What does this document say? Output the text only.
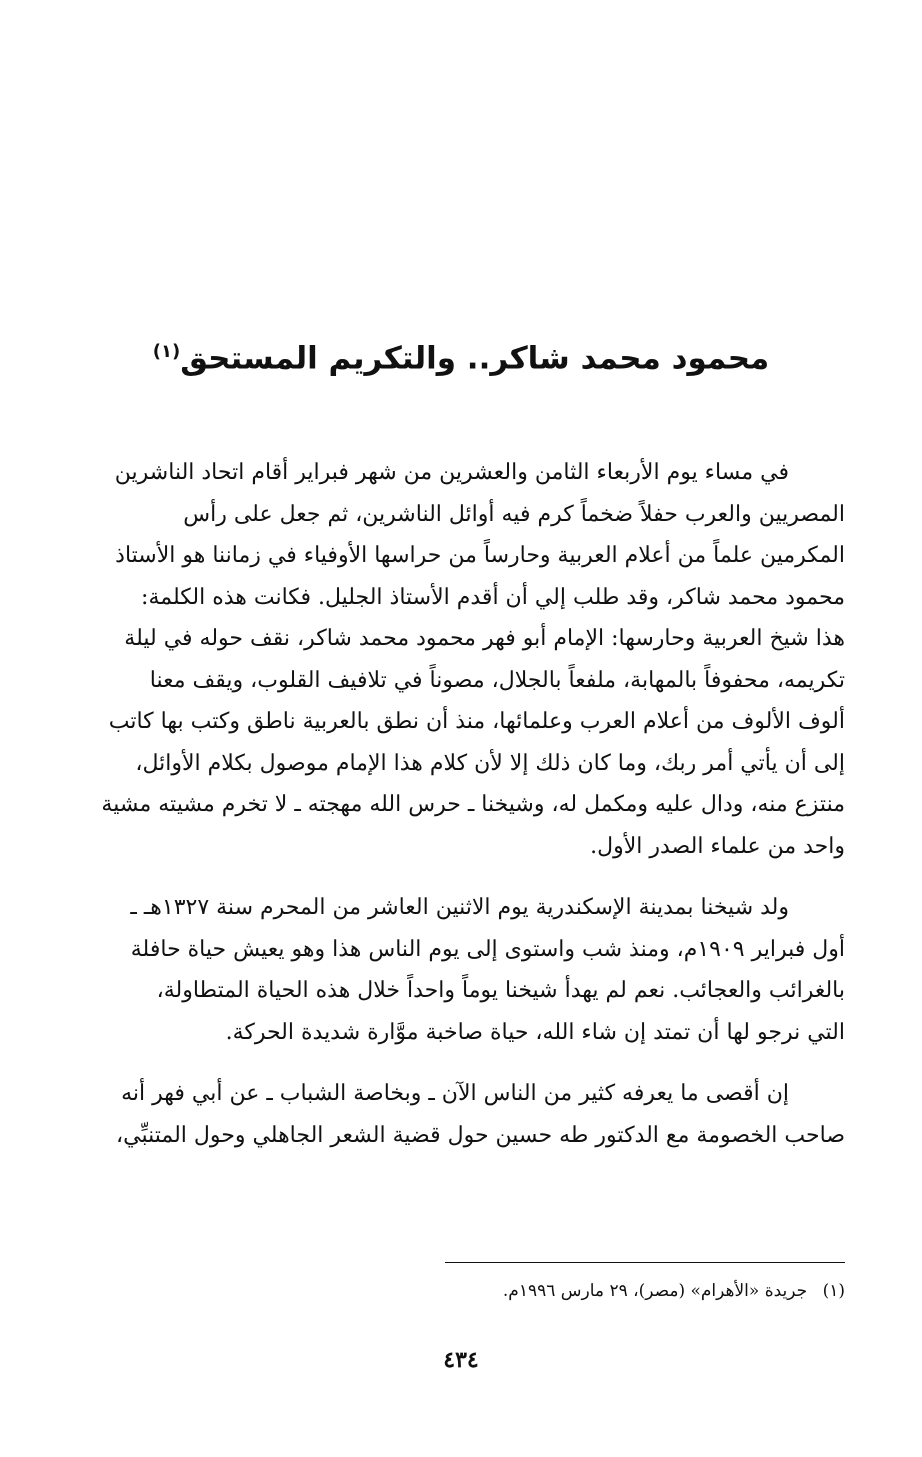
محمود محمد شاكر.. والتكريم المستحق$^{(١)}$

في مساء يوم الأربعاء الثامن والعشرين من شهر فبراير أقام اتحاد الناشرين
المصريين والعرب حفلاً ضخماً كرم فيه أوائل الناشرين، ثم جعل على رأس
المكرمين علماً من أعلام العربية وحارساً من حراسها الأوفياء في زماننا هو الأستاذ
محمود محمد شاكر، وقد طلب إلي أن أقدم الأستاذ الجليل. فكانت هذه الكلمة:
هذا شيخ العربية وحارسها: الإمام أبو فهر محمود محمد شاكر، نقف حوله في ليلة
تكريمه، محفوفاً بالمهابة، ملفعاً بالجلال، مصوناً في تلافيف القلوب، ويقف معنا
ألوف الألوف من أعلام العرب وعلمائها، منذ أن نطق بالعربية ناطق وكتب بها كاتب
إلى أن يأتي أمر ربك، وما كان ذلك إلا لأن كلام هذا الإمام موصول بكلام الأوائل،
منتزع منه، ودال عليه ومكمل له، وشيخنا ـ حرس الله مهجته ـ لا تخرم مشيته مشية
واحد من علماء الصدر الأول.

ولد شيخنا بمدينة الإسكندرية يوم الاثنين العاشر من المحرم سنة ١٣٢٧هـ ـ
أول فبراير ١٩٠٩م، ومنذ شب واستوى إلى يوم الناس هذا وهو يعيش حياة حافلة
بالغرائب والعجائب. نعم لم يهدأ شيخنا يوماً واحداً خلال هذه الحياة المتطاولة،
التي نرجو لها أن تمتد إن شاء الله، حياة صاخبة موَّارة شديدة الحركة.

إن أقصى ما يعرفه كثير من الناس الآن ـ وبخاصة الشباب ـ عن أبي فهر أنه
صاحب الخصومة مع الدكتور طه حسين حول قضية الشعر الجاهلي وحول المتنبِّي،

(١) جريدة «الأهرام» (مصر)، ٢٩ مارس ١٩٩٦م.
٤٣٤
